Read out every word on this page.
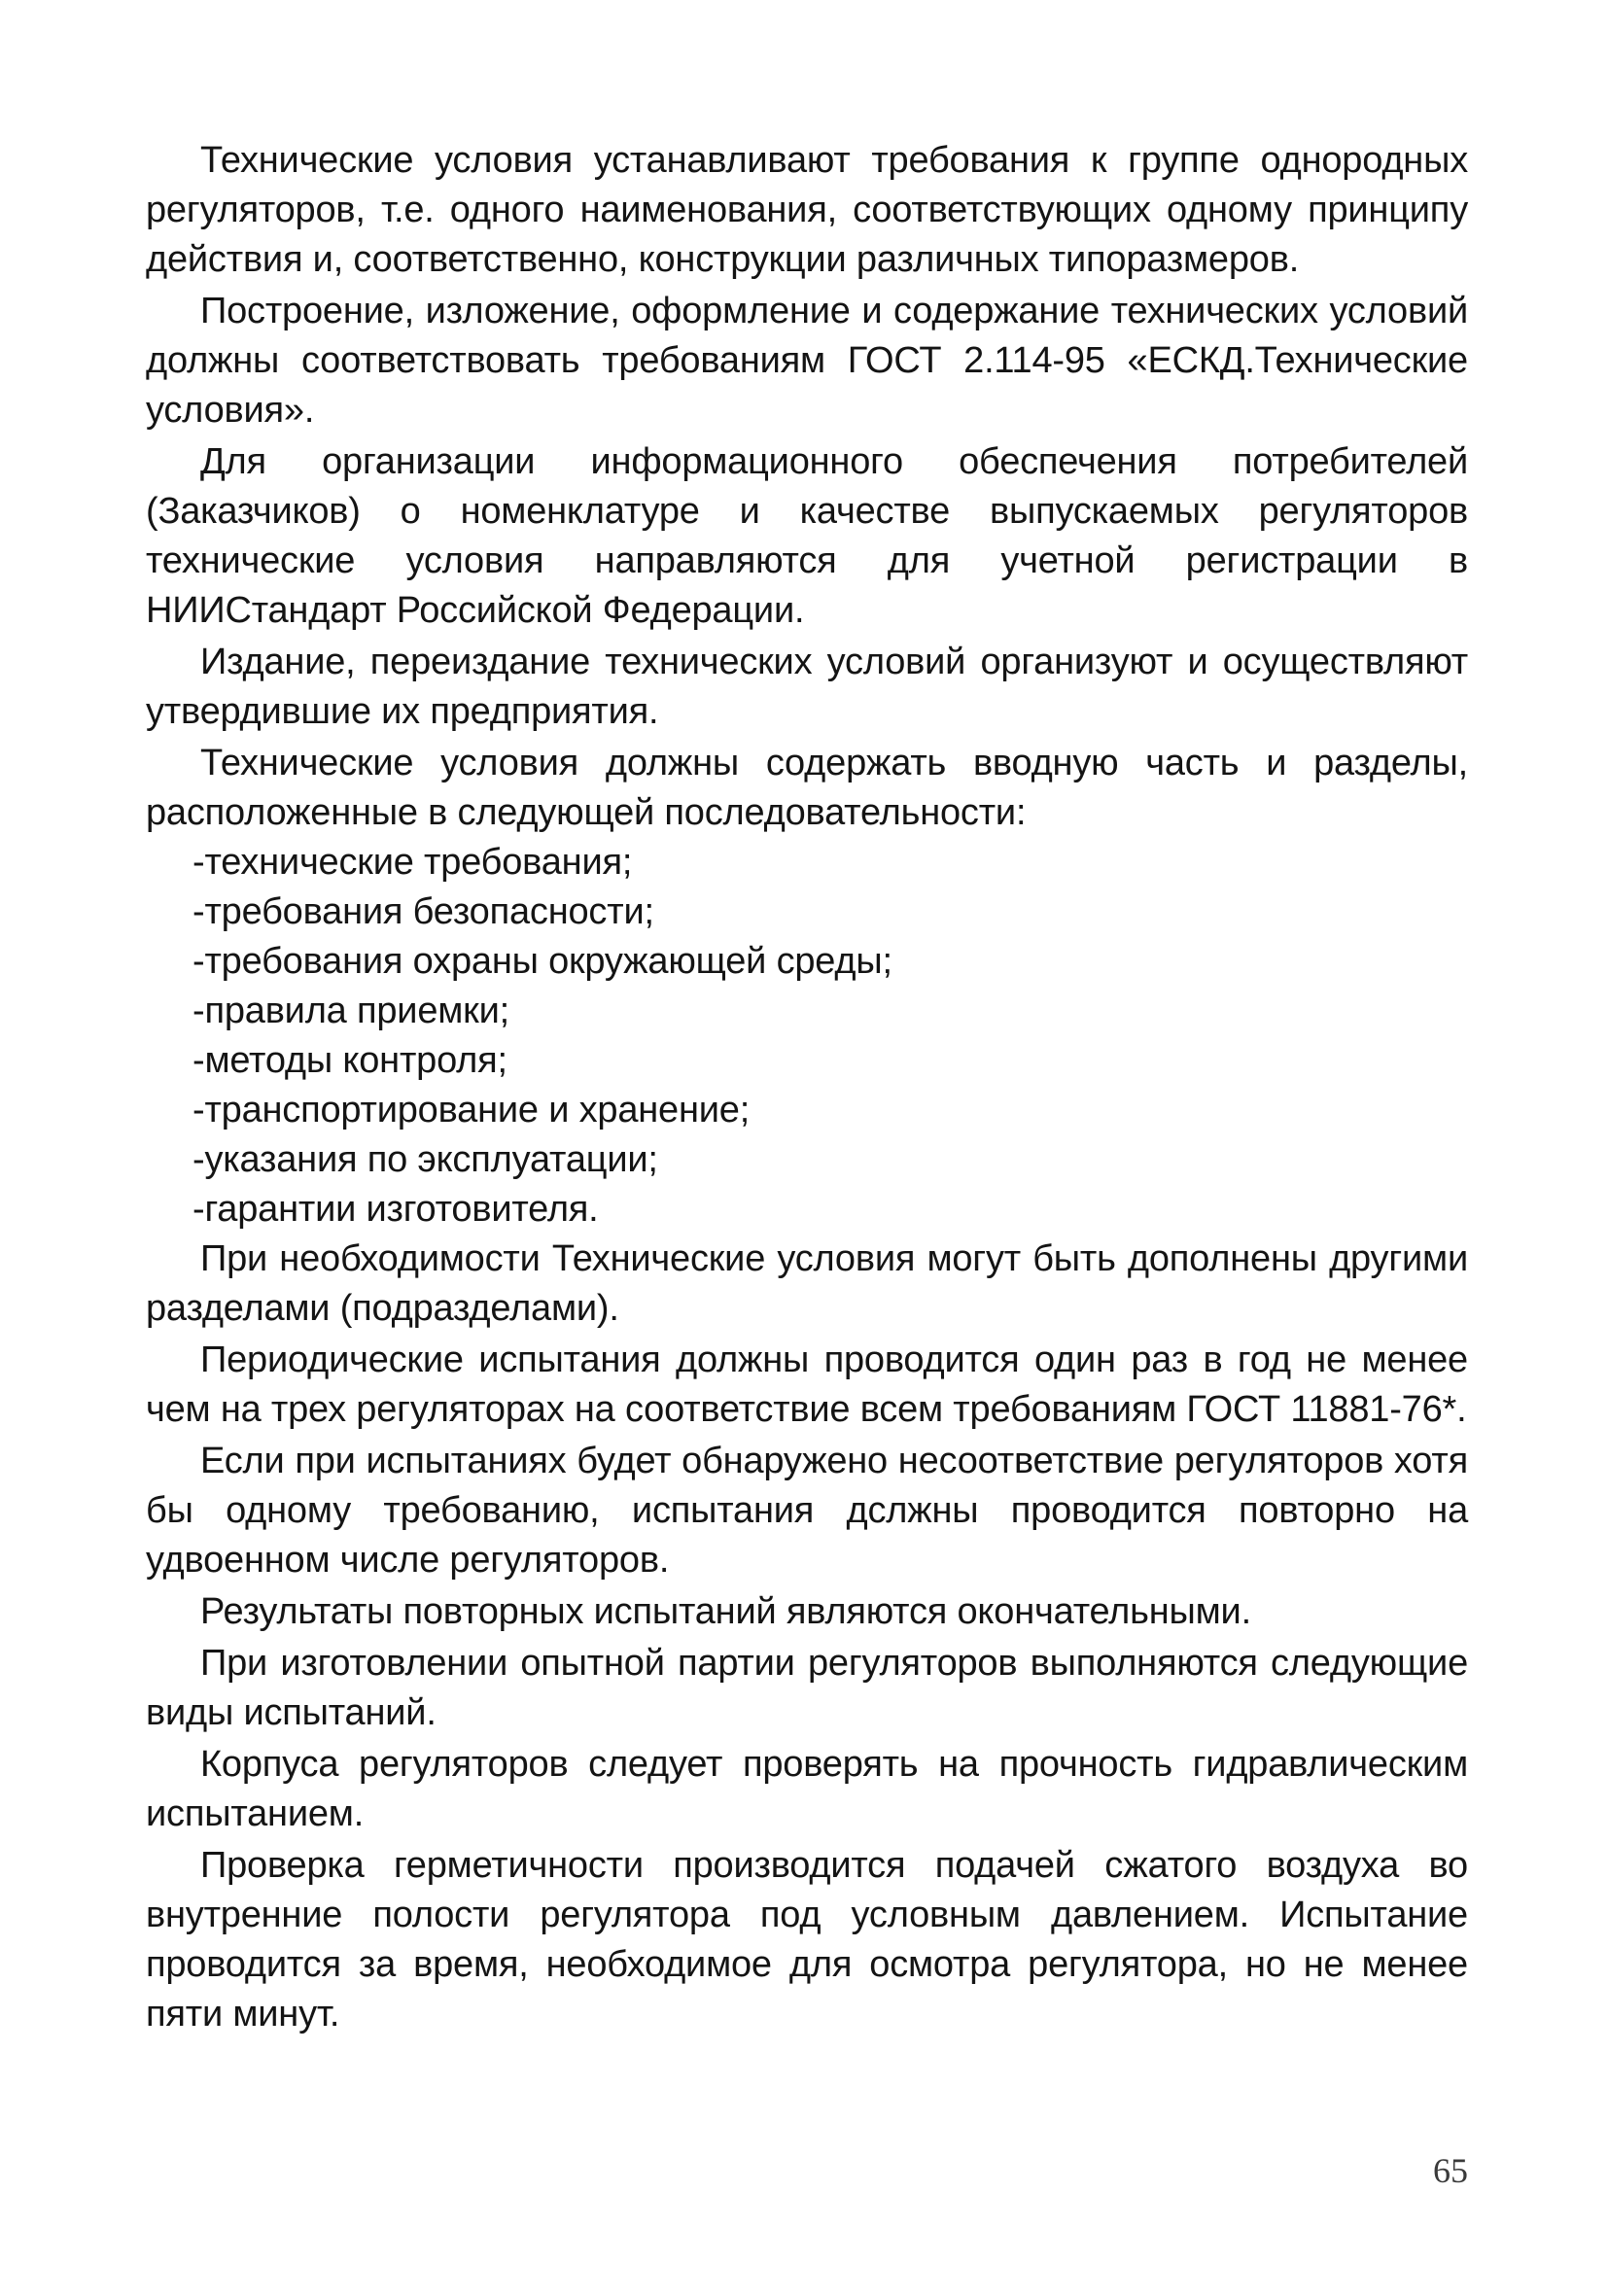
Технические условия устанавливают требования к группе однородных регуляторов, т.е. одного наименования, соответствующих одному принципу действия и, соответственно, конструкции различных типоразмеров.

Построение, изложение, оформление и содержание технических условий должны соответствовать требованиям ГОСТ 2.114-95 «ЕСКД.Технические условия».

Для организации информационного обеспечения потребителей (Заказчиков) о номенклатуре и качестве выпускаемых регуляторов технические условия направляются для учетной регистрации в НИИСтандарт Российской Федерации.

Издание, переиздание технических условий организуют и осуществляют утвердившие их предприятия.

Технические условия должны содержать вводную часть и разделы, расположенные в следующей последовательности:

-технические требования;
-требования безопасности;
-требования охраны окружающей среды;
-правила приемки;
-методы контроля;
-транспортирование и хранение;
-указания по эксплуатации;
-гарантии изготовителя.

При необходимости Технические условия могут быть дополнены другими разделами (подразделами).

Периодические испытания должны проводится один раз в год не менее чем на трех регуляторах на соответствие всем требованиям ГОСТ 11881-76*.

Если при испытаниях будет обнаружено несоответствие регуляторов хотя бы одному требованию, испытания дслжны проводится повторно на удвоенном числе регуляторов.

Результаты повторных испытаний являются окончательными.

При изготовлении опытной партии регуляторов выполняются следующие виды испытаний.

Корпуса регуляторов следует проверять на прочность гидравлическим испытанием.

Проверка герметичности производится подачей сжатого воздуха во внутренние полости регулятора под условным давлением. Испытание проводится за время, необходимое для осмотра регулятора, но не менее пяти минут.

65
